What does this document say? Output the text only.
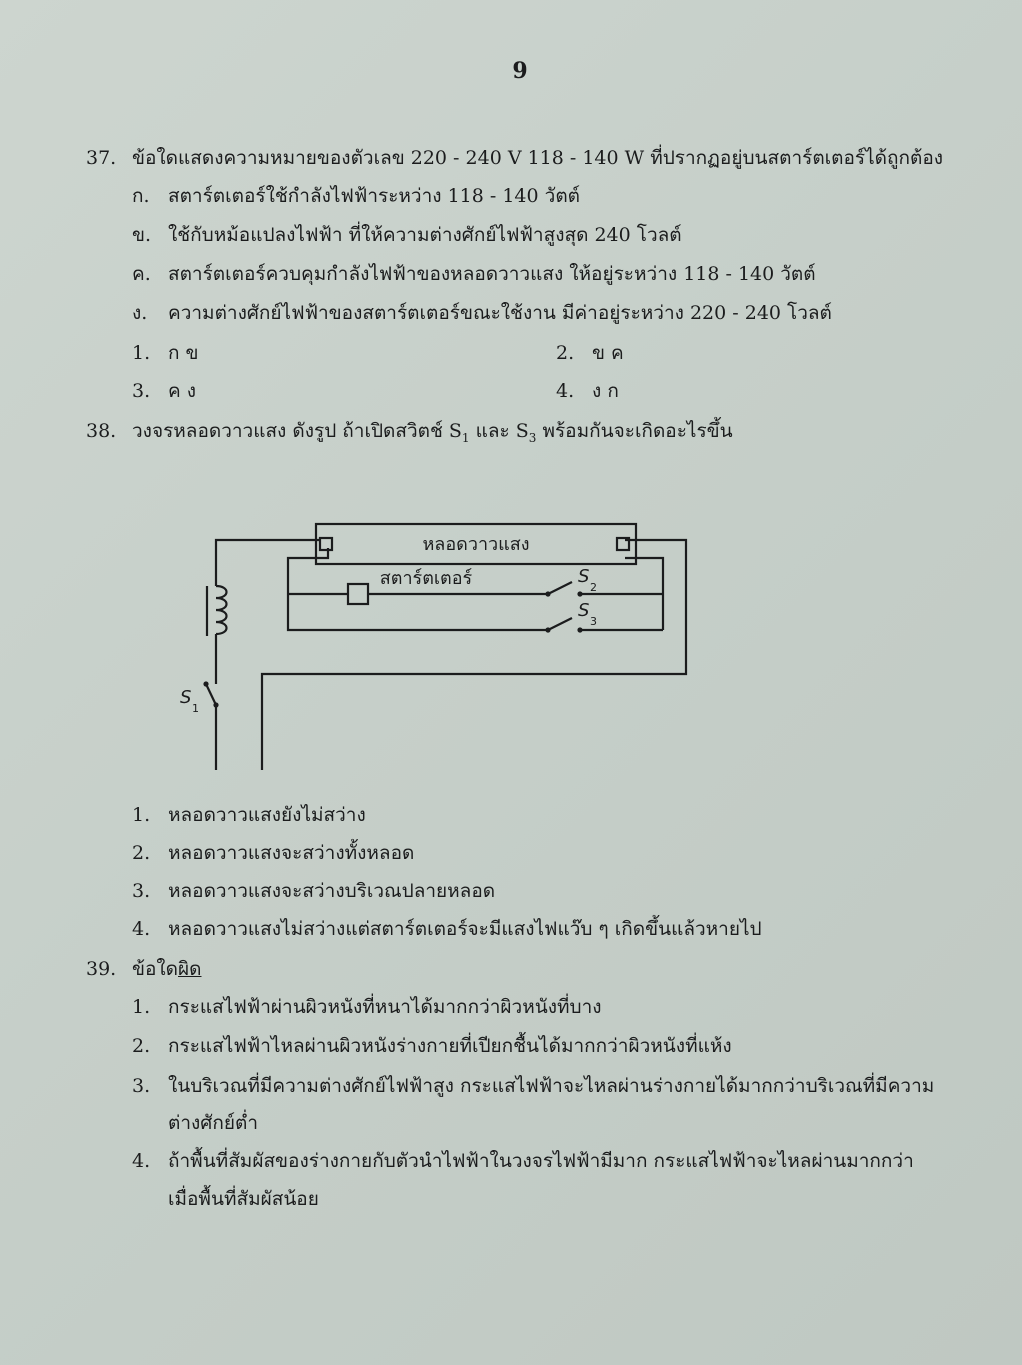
9
37. ข้อใดแสดงความหมายของตัวเลข 220 - 240 V 118 - 140 W ที่ปรากฏอยู่บนสตาร์ตเตอร์ได้ถูกต้อง
ก. สตาร์ตเตอร์ใช้กำลังไฟฟ้าระหว่าง 118 - 140 วัตต์
ข. ใช้กับหม้อแปลงไฟฟ้า ที่ให้ความต่างศักย์ไฟฟ้าสูงสุด 240 โวลต์
ค. สตาร์ตเตอร์ควบคุมกำลังไฟฟ้าของหลอดวาวแสง ให้อยู่ระหว่าง 118 - 140 วัตต์
ง. ความต่างศักย์ไฟฟ้าของสตาร์ตเตอร์ขณะใช้งาน มีค่าอยู่ระหว่าง 220 - 240 โวลต์
1. ก ข	2. ข ค
3. ค ง	4. ง ก
38. วงจรหลอดวาวแสง ดังรูป ถ้าเปิดสวิตช์ $S_1$ และ $S_3$ พร้อมกันจะเกิดอะไรขึ้น
หลอดวาวแสง
สตาร์ตเตอร์
S
1
S
2
S
3
1. หลอดวาวแสงยังไม่สว่าง
2. หลอดวาวแสงจะสว่างทั้งหลอด
3. หลอดวาวแสงจะสว่างบริเวณปลายหลอด
4. หลอดวาวแสงไม่สว่างแต่สตาร์ตเตอร์จะมีแสงไฟแว๊บ ๆ เกิดขึ้นแล้วหายไป
39. ข้อใดผิด
1. กระแสไฟฟ้าผ่านผิวหนังที่หนาได้มากกว่าผิวหนังที่บาง
2. กระแสไฟฟ้าไหลผ่านผิวหนังร่างกายที่เปียกชื้นได้มากกว่าผิวหนังที่แห้ง
3. ในบริเวณที่มีความต่างศักย์ไฟฟ้าสูง กระแสไฟฟ้าจะไหลผ่านร่างกายได้มากกว่าบริเวณที่มีความ
ต่างศักย์ต่ำ
4. ถ้าพื้นที่สัมผัสของร่างกายกับตัวนำไฟฟ้าในวงจรไฟฟ้ามีมาก กระแสไฟฟ้าจะไหลผ่านมากกว่า
เมื่อพื้นที่สัมผัสน้อย
